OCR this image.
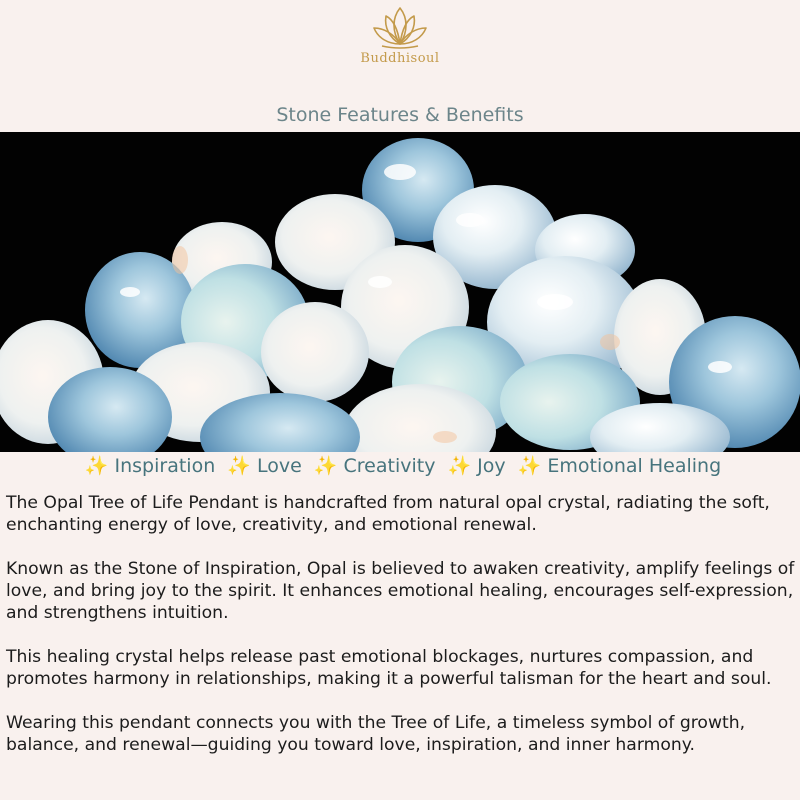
Buddhisoul
Stone Features & Benefits
✨ Inspiration ✨ Love ✨ Creativity ✨ Joy ✨ Emotional Healing

The Opal Tree of Life Pendant is handcrafted from natural opal crystal, radiating the soft, enchanting energy of love, creativity, and emotional renewal.

Known as the Stone of Inspiration, Opal is believed to awaken creativity, amplify feelings of love, and bring joy to the spirit. It enhances emotional healing, encourages self-expression, and strengthens intuition.

This healing crystal helps release past emotional blockages, nurtures compassion, and promotes harmony in relationships, making it a powerful talisman for the heart and soul.

Wearing this pendant connects you with the Tree of Life, a timeless symbol of growth, balance, and renewal—guiding you toward love, inspiration, and inner harmony.
